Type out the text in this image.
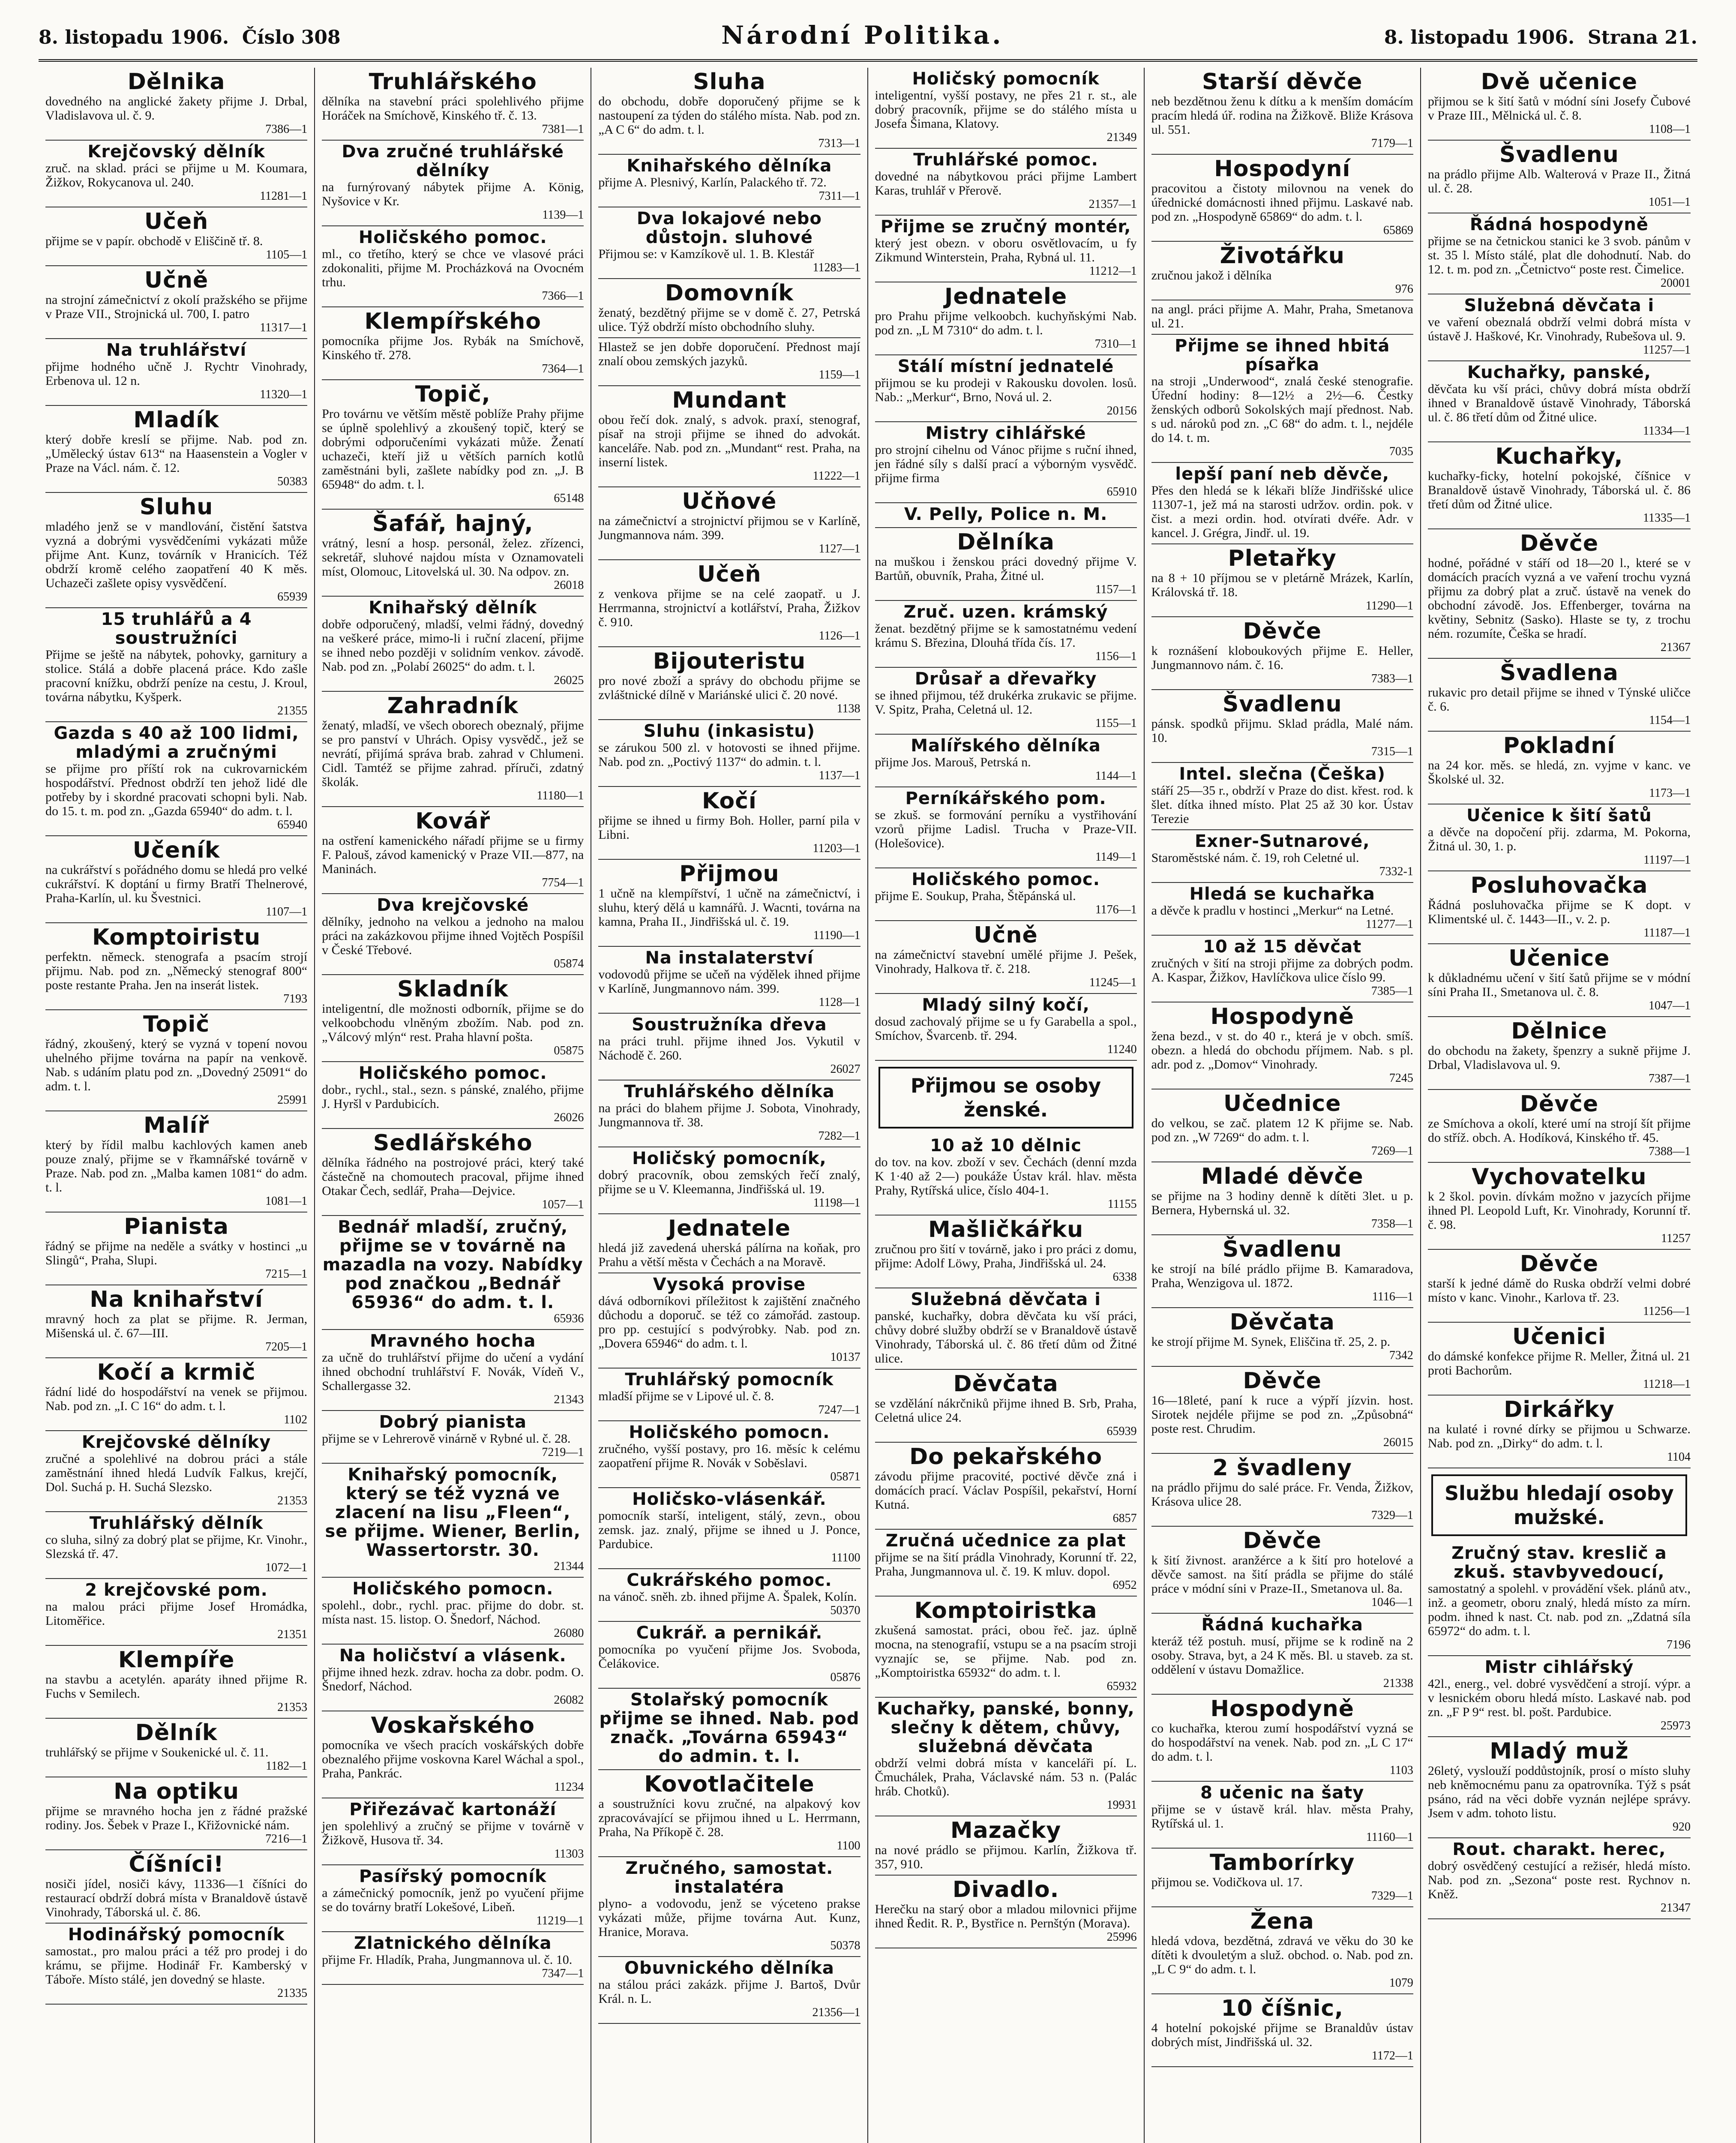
8. listopadu 1906. Číslo 308	Národní Politika.	8. listopadu 1906. Strana 21.
Dělnika
dovedného na anglické žakety přijme J. Drbal, Vladislavova ul. č. 9.
7386—1
Krejčovský dělník
zruč. na sklad. práci se přijme u M. Koumara, Žižkov, Rokycanova ul. 240.
11281—1
Učeň
přijme se v papír. obchodě v Eliščině tř. 8.
1105—1
Učně
na strojní zámečnictví z okolí pražského se přijme v Praze VII., Strojnická ul. 700, I. patro
11317—1
Na truhlářství
přijme hodného učně J. Rychtr Vinohrady, Erbenova ul. 12 n.
11320—1
Mladík
který dobře kreslí se přijme. Nab. pod zn. „Umělecký ústav 613“ na Haasenstein a Vogler v Praze na Václ. nám. č. 12.
50383
Sluhu
mladého jenž se v mandlování, čistění šatstva vyzná a dobrými vysvědčeními vykázati může přijme Ant. Kunz, továrník v Hranicích. Též obdrží kromě celého zaopatření 40 K měs. Uchazeči zašlete opisy vysvědčení.
65939
15 truhlářů a 4 soustružníci
Přijme se ještě na nábytek, pohovky, garnitury a stolice. Stálá a dobře placená práce. Kdo zašle pracovní knížku, obdrží peníze na cestu, J. Kroul, továrna nábytku, Kyšperk.
21355
Gazda s 40 až 100 lidmi, mladými a zručnými
se přijme pro příští rok na cukrovarnickém hospodářství. Přednost obdrží ten jehož lidé dle potřeby by i skordné pracovati schopni byli. Nab. do 15. t. m. pod zn. „Gazda 65940“ do adm. t. l.
65940
Učeník
na cukrářství s pořádného domu se hledá pro velké cukrářství. K doptání u firmy Bratří Thelnerové, Praha-Karlín, ul. ku Švestnici.
1107—1
Komptoiristu
perfektn. německ. stenografa a psacím strojí přijmu. Nab. pod zn. „Německý stenograf 800“ poste restante Praha. Jen na inserát listek.
7193
Topič
řádný, zkoušený, který se vyzná v topení novou uhelného přijme továrna na papír na venkově. Nab. s udáním platu pod zn. „Dovedný 25091“ do adm. t. l.
25991
Malíř
který by řídil malbu kachlových kamen aneb pouze znalý, přijme se v řkamnářské továrně v Praze. Nab. pod zn. „Malba kamen 1081“ do adm. t. l.
1081—1
Pianista
řádný se přijme na neděle a svátky v hostinci „u Slingů“, Praha, Slupi.
7215—1
Na knihařství
mravný hoch za plat se přijme. R. Jerman, Mišenská ul. č. 67—III.
7205—1
Kočí a krmič
řádní lidé do hospodářství na venek se přijmou. Nab. pod zn. „I. C 16“ do adm. t. l.
1102
Krejčovské dělníky
zručné a spolehlivé na dobrou práci a stále zaměstnání ihned hledá Ludvík Falkus, krejčí, Dol. Suchá p. H. Suchá Slezsko.
21353
Truhlářský dělník
co sluha, silný za dobrý plat se přijme, Kr. Vinohr., Slezská tř. 47.
1072—1
2 krejčovské pom.
na malou práci přijme Josef Hromádka, Litoměřice.
21351
Klempíře
na stavbu a acetylén. aparáty ihned přijme R. Fuchs v Semilech.
21353
Dělník
truhlářský se přijme v Soukenické ul. č. 11.
1182—1
Na optiku
přijme se mravného hocha jen z řádné pražské rodiny. Jos. Šebek v Praze I., Křižovnické nám.
7216—1
Číšníci!
nosiči jídel, nosiči kávy, 11336—1 číšníci do restaurací obdrží dobrá místa v Branaldově ústavě Vinohrady, Táborská ul. č. 86.
Hodinářský pomocník
samostat., pro malou práci a též pro prodej i do krámu, se přijme. Hodinář Fr. Kamberský v Táboře. Místo stálé, jen dovedný se hlaste.
21335
Truhlářského
dělníka na stavební práci spolehlivého přijme Horáček na Smíchově, Kinského tř. č. 13.
7381—1
Dva zručné truhlářské dělníky
na furnýrovaný nábytek přijme A. König, Nyšovice v Kr.
1139—1
Holičského pomoc.
ml., co třetího, který se chce ve vlasové práci zdokonaliti, přijme M. Procházková na Ovocném trhu.
7366—1
Klempířského
pomocníka přijme Jos. Rybák na Smíchově, Kinského tř. 278.
7364—1
Topič,
Pro továrnu ve větším městě poblíže Prahy přijme se úplně spolehlivý a zkoušený topič, který se dobrými odporučeními vykázati může. Ženatí uchazeči, kteří již u větších parních kotlů zaměstnáni byli, zašlete nabídky pod zn. „J. B 65948“ do adm. t. l.
65148
Šafář, hajný,
vrátný, lesní a hosp. personál, želez. zřízenci, sekretář, sluhové najdou místa v Oznamovateli míst, Olomouc, Litovelská ul. 30. Na odpov. zn.
26018
Knihařský dělník
dobře odporučený, mladší, velmi řádný, dovedný na veškeré práce, mimo-li i ruční zlacení, přijme se ihned nebo později v solidním venkov. závodě. Nab. pod zn. „Polabí 26025“ do adm. t. l.
26025
Zahradník
ženatý, mladší, ve všech oborech obeznalý, přijme se pro panství v Uhrách. Opisy vysvědč., jež se nevrátí, přijímá správa brab. zahrad v Chlumeni. Cidl. Tamtéž se přijme zahrad. příruči, zdatný školák.
11180—1
Kovář
na ostření kamenického nářadí přijme se u firmy F. Palouš, závod kamenický v Praze VII.—877, na Maninách.
7754—1
Dva krejčovské
dělníky, jednoho na velkou a jednoho na malou práci na zakázkovou přijme ihned Vojtěch Pospíšil v České Třebové.
05874
Skladník
inteligentní, dle možnosti odborník, přijme se do velkoobchodu vlněným zbožím. Nab. pod zn. „Válcový mlýn“ rest. Praha hlavní pošta.
05875
Holičského pomoc.
dobr., rychl., stal., sezn. s pánské, znalého, přijme J. Hyršl v Pardubicích.
26026
Sedlářského
dělníka řádného na postrojové práci, který také částečně na chomoutech pracoval, přijme ihned Otakar Čech, sedlář, Praha—Dejvice.
1057—1
Bednář mladší, zručný, přijme se v továrně na mazadla na vozy. Nabídky pod značkou „Bednář 65936“ do adm. t. l.
65936
Mravného hocha
za učně do truhlářství přijme do učení a vydání ihned obchodní truhlářství F. Novák, Vídeň V., Schallergasse 32.
21343
Dobrý pianista
přijme se v Lehrerově vinárně v Rybné ul. č. 28.
7219—1
Knihařský pomocník, který se též vyzná ve zlacení na lisu „Fleen“, se přijme. Wiener, Berlin, Wassertorstr. 30.
21344
Holičského pomocn.
spolehl., dobr., rychl. prac. přijme do dobr. st. místa nast. 15. listop. O. Šnedorf, Náchod.
26080
Na holičství a vlásenk.
přijme ihned hezk. zdrav. hocha za dobr. podm. O. Šnedorf, Náchod.
26082
Voskařského
pomocníka ve všech pracích voskářských dobře obeznalého přijme voskovna Karel Wáchal a spol., Praha, Pankrác.
11234
Přiřezávač kartonáží
jen spolehlivý a zručný se přijme v továrně v Žižkově, Husova tř. 34.
11303
Pasířský pomocník
a zámečnický pomocník, jenž po vyučení přijme se do továrny bratří Lokešové, Libeň.
11219—1
Zlatnického dělníka
přijme Fr. Hladík, Praha, Jungmannova ul. č. 10.
7347—1
Sluha
do obchodu, dobře doporučený přijme se k nastoupení za týden do stálého místa. Nab. pod zn. „A C 6“ do adm. t. l.
7313—1
Knihařského dělníka
přijme A. Plesnivý, Karlín, Palackého tř. 72.
7311—1
Dva lokajové nebo důstojn. sluhové
Přijmou se: v Kamzíkově ul. 1. B. Klestář
11283—1
Domovník
ženatý, bezdětný přijme se v domě č. 27, Petrská ulice. Týž obdrží místo obchodního sluhy.
Hlastež se jen dobře doporučení. Přednost mají znalí obou zemských jazyků.
1159—1
Mundant
obou řečí dok. znalý, s advok. praxí, stenograf, písař na stroji přijme se ihned do advokát. kanceláře. Nab. pod zn. „Mundant“ rest. Praha, na inserní listek.
11222—1
Učňové
na zámečnictví a strojnictví přijmou se v Karlíně, Jungmannova nám. 399.
1127—1
Učeň
z venkova přijme se na celé zaopatř. u J. Herrmanna, strojnictví a kotlářství, Praha, Žižkov č. 910.
1126—1
Bijouteristu
pro nové zboží a správy do obchodu přijme se zvláštnické dílně v Mariánské ulici č. 20 nové.
1138
Sluhu (inkasistu)
se zárukou 500 zl. v hotovosti se ihned přijme. Nab. pod zn. „Poctivý 1137“ do admin. t. l.
1137—1
Kočí
přijme se ihned u firmy Boh. Holler, parní pila v Libni.
11203—1
Přijmou
1 učně na klempířství, 1 učně na zámečnictví, i sluhu, který dělá u kamnářů. J. Wacnti, továrna na kamna, Praha II., Jindřišská ul. č. 19.
11190—1
Na instalaterství
vodovodů přijme se učeň na výdělek ihned přijme v Karlíně, Jungmannovo nám. 399.
1128—1
Soustružníka dřeva
na práci truhl. přijme ihned Jos. Vykutil v Náchodě č. 260.
26027
Truhlářského dělníka
na práci do blahem přijme J. Sobota, Vinohrady, Jungmannova tř. 38.
7282—1
Holičský pomocník,
dobrý pracovník, obou zemských řečí znalý, přijme se u V. Kleemanna, Jindřišská ul. 19.
11198—1
Jednatele
hledá již zavedená uherská pálírna na koňak, pro Prahu a větší města v Čechách a na Moravě.
Vysoká provise
dává odborníkovi příležitost k zajištění značného důchodu a doporuč. se též co zámořád. zastoup. pro pp. cestující s podvýrobky. Nab. pod zn. „Dovera 65946“ do adm. t. l.
10137
Truhlářský pomocník
mladší přijme se v Lipové ul. č. 8.
7247—1
Holičského pomocn.
zručného, vyšší postavy, pro 16. měsíc k celému zaopatření přijme R. Novák v Soběslavi.
05871
Holičsko-vlásenkář.
pomocník starší, inteligent, stálý, zevn., obou zemsk. jaz. znalý, přijme se ihned u J. Ponce, Pardubice.
11100
Cukrářského pomoc.
na vánoč. sněh. zb. ihned přijme A. Špalek, Kolín.
50370
Cukrář. a pernikář.
pomocníka po vyučení přijme Jos. Svoboda, Čelákovice.
05876
Stolařský pomocník přijme se ihned. Nab. pod značk. „Továrna 65943“ do admin. t. l.
Kovotlačitele
a soustružníci kovu zručné, na alpakový kov zpracovávající se přijmou ihned u L. Herrmann, Praha, Na Příkopě č. 28.
1100
Zručného, samostat. instalatéra
plyno- a vodovodu, jenž se výceteno prakse vykázati může, přijme továrna Aut. Kunz, Hranice, Morava.
50378
Obuvnického dělníka
na stálou práci zakázk. přijme J. Bartoš, Dvůr Král. n. L.
21356—1
Holičský pomocník
inteligentní, vyšší postavy, ne přes 21 r. st., ale dobrý pracovník, přijme se do stálého místa u Josefa Šimana, Klatovy.
21349
Truhlářské pomoc.
dovedné na nábytkovou práci přijme Lambert Karas, truhlář v Přerově.
21357—1
Přijme se zručný montér,
který jest obezn. v oboru osvětlovacím, u fy Zikmund Winterstein, Praha, Rybná ul. 11.
11212—1
Jednatele
pro Prahu přijme velkoobch. kuchyňskými Nab. pod zn. „L M 7310“ do adm. t. l.
7310—1
Stálí místní jednatelé
přijmou se ku prodeji v Rakousku dovolen. losů. Nab.: „Merkur“, Brno, Nová ul. 2.
20156
Mistry cihlářské
pro strojní cihelnu od Vánoc přijme s ruční ihned, jen řádné síly s další prací a výborným vysvědč. přijme firma
65910
V. Pelly, Police n. M.
Dělníka
na muškou i ženskou práci dovedný přijme V. Bartůň, obuvník, Praha, Žitné ul.
1157—1
Zruč. uzen. krámský
ženat. bezdětný přijme se k samostatnému vedení krámu S. Březina, Dlouhá třída čís. 17.
1156—1
Drůsař a dřevařky
se ihned přijmou, též drukérka zrukavic se přijme. V. Spitz, Praha, Celetná ul. 12.
1155—1
Malířského dělníka
přijme Jos. Marouš, Petrská n.
1144—1
Perníkářského pom.
se zkuš. se formování perníku a vystřihování vzorů přijme Ladisl. Trucha v Praze-VII. (Holešovice).
1149—1
Holičského pomoc.
přijme E. Soukup, Praha, Štěpánská ul.
1176—1
Učně
na zámečnictví stavební umělé přijme J. Pešek, Vinohrady, Halkova tř. č. 218.
11245—1
Mladý silný kočí,
dosud zachovalý přijme se u fy Garabella a spol., Smíchov, Švarcenb. tř. 294.
11240
Přijmou se osoby ženské.
10 až 10 dělnic
do tov. na kov. zboží v sev. Čechách (denní mzda K 1·40 až 2—) poukáže Ústav král. hlav. města Prahy, Rytířská ulice, číslo 404-1.
11155
Mašličkářku
zručnou pro šití v továrně, jako i pro práci z domu, přijme: Adolf Löwy, Praha, Jindřišská ul. 24.
6338
Služebná děvčata i
panské, kuchařky, dobra děvčata ku vší práci, chůvy dobré služby obdrží se v Branaldově ústavě Vinohrady, Táborská ul. č. 86 třetí dům od Žitné ulice.
Děvčata
se vzdělání nákrčniků přijme ihned B. Srb, Praha, Celetná ulice 24.
65939
Do pekařského
závodu přijme pracovité, poctivé děvče zná i domácích prací. Václav Pospíšil, pekařství, Horní Kutná.
6857
Zručná učednice za plat
přijme se na šití prádla Vinohrady, Korunní tř. 22, Praha, Jungmannova ul. č. 19. K mluv. dopol.
6952
Komptoiristka
zkušená samostat. práci, obou řeč. jaz. úplně mocna, na stenografií, vstupu se a na psacím stroji vyznajíc se, se přijme. Nab. pod zn. „Komptoiristka 65932“ do adm. t. l.
65932
Kuchařky, panské, bonny, slečny k dětem, chůvy, služebná děvčata
obdrží velmi dobrá místa v kanceláři pí. L. Čmuchálek, Praha, Václavské nám. 53 n. (Palác hráb. Chotků).
19931
Mazačky
na nové prádlo se přijmou. Karlín, Žižkova tř. 357, 910.
Divadlo.
Herečku na starý obor a mladou milovnici přijme ihned Ředit. R. P., Bystřice n. Pernštýn (Morava).
25996
Starší děvče
neb bezdětnou ženu k dítku a k menším domácím pracím hledá úř. rodina na Žižkově. Bliže Krásova ul. 551.
7179—1
Hospodyní
pracovitou a čistoty milovnou na venek do úřednické domácnosti ihned přijmu. Laskavé nab. pod zn. „Hospodyně 65869“ do adm. t. l.
65869
Životářku
zručnou jakož i dělníka
976
na angl. práci přijme A. Mahr, Praha, Smetanova ul. 21.
Přijme se ihned hbitá písařka
na stroji „Underwood“, znalá české stenografie. Úřední hodiny: 8—12½ a 2½—6. Čestky ženských odborů Sokolských mají přednost. Nab. s ud. nároků pod zn. „C 68“ do adm. t. l., nejdéle do 14. t. m.
7035
lepší paní neb děvče,
Přes den hledá se k lékaři blíže Jindřišské ulice 11307-1, jež má na starosti udržov. ordin. pok. v čist. a mezi ordin. hod. otvírati dvéře. Adr. v kancel. J. Grégra, Jindř. ul. 19.
Pletařky
na 8 + 10 příjmou se v pletárně Mrázek, Karlín, Královská tř. 18.
11290—1
Děvče
k roznášení kloboukových přijme E. Heller, Jungmannovo nám. č. 16.
7383—1
Švadlenu
pánsk. spodků přijmu. Sklad prádla, Malé nám. 10.
7315—1
Intel. slečna (Češka)
stáří 25—35 r., obdrží v Praze do dist. křest. rod. k šlet. dítka ihned místo. Plat 25 až 30 kor. Ústav Terezie
Exner-Sutnarové,
Staroměstské nám. č. 19, roh Celetné ul.
7332-1
Hledá se kuchařka
a děvče k pradlu v hostinci „Merkur“ na Letné.
11277—1
10 až 15 děvčat
zručných v šití na stroji přijme za dobrých podm. A. Kaspar, Žižkov, Havlíčkova ulice číslo 99.
7385—1
Hospodyně
žena bezd., v st. do 40 r., která je v obch. smíš. obezn. a hledá do obchodu příjmem. Nab. s pl. adr. pod z. „Domov“ Vinohrady.
7245
Učednice
do velkou, se zač. platem 12 K přijme se. Nab. pod zn. „W 7269“ do adm. t. l.
7269—1
Mladé děvče
se přijme na 3 hodiny denně k dítěti 3let. u p. Bernera, Hybernská ul. 32.
7358—1
Švadlenu
ke strojí na bílé prádlo přijme B. Kamaradova, Praha, Wenzigova ul. 1872.
1116—1
Děvčata
ke strojí přijme M. Synek, Eliščina tř. 25, 2. p.
7342
Děvče
16—18leté, paní k ruce a výpří jízvin. host. Sirotek nejdéle přijme se pod zn. „Způsobná“ poste rest. Chrudim.
26015
2 švadleny
na prádlo přijmu do salé práce. Fr. Venda, Žižkov, Krásova ulice 28.
7329—1
Děvče
k šití živnost. aranžérce a k šití pro hotelové a děvče samost. na šití prádla se přijme do stálé práce v módní síni v Praze-II., Smetanova ul. 8a.
1046—1
Řádná kuchařka
kteráž též postuh. musí, přijme se k rodině na 2 osoby. Strava, byt, a 24 K měs. Bl. u staveb. za st. oddělení v ústavu Domažlice.
21338
Hospodyně
co kuchařka, kterou zumí hospodářství vyzná se do hospodářství na venek. Nab. pod zn. „L C 17“ do adm. t. l.
1103
8 učenic na šaty
přijme se v ústavě král. hlav. města Prahy, Rytířská ul. 1.
11160—1
Tamborírky
přijmou se. Vodičkova ul. 17.
7329—1
Žena
hledá vdova, bezdětná, zdravá ve věku do 30 ke dítěti k dvouletým a služ. obchod. o. Nab. pod zn. „L C 9“ do adm. t. l.
1079
10 číšnic,
4 hotelní pokojské přijme se Branaldův ústav dobrých míst, Jindřišská ul. 32.
1172—1
Dvě učenice
přijmou se k šití šatů v módní síni Josefy Čubové v Praze III., Mělnická ul. č. 8.
1108—1
Švadlenu
na prádlo přijme Alb. Walterová v Praze II., Žitná ul. č. 28.
1051—1
Řádná hospodyně
přijme se na četnickou stanici ke 3 svob. pánům v st. 35 l. Místo stálé, plat dle dohodnutí. Nab. do 12. t. m. pod zn. „Četnictvo“ poste rest. Čimelice.
20001
Služebná děvčata i
ve vaření obeznalá obdrží velmi dobrá místa v ústavě J. Haškové, Kr. Vinohrady, Rubešova ul. 9.
11257—1
Kuchařky, panské,
děvčata ku vší práci, chůvy dobrá místa obdrží ihned v Branaldově ústavě Vinohrady, Táborská ul. č. 86 třetí dům od Žitné ulice.
11334—1
Kuchařky,
kuchařky-ficky, hotelní pokojské, číšnice v Branaldově ústavě Vinohrady, Táborská ul. č. 86 třetí dům od Žitné ulice.
11335—1
Děvče
hodné, pořádné v stáří od 18—20 l., které se v domácích pracích vyzná a ve vaření trochu vyzná přijmu za dobrý plat a zruč. ústavě na venek do obchodní závodě. Jos. Effenberger, továrna na květiny, Sebnitz (Sasko). Hlaste se ty, z trochu ném. rozumíte, Češka se hradí.
21367
Švadlena
rukavic pro detail přijme se ihned v Týnské uličce č. 6.
1154—1
Pokladní
na 24 kor. měs. se hledá, zn. vyjme v kanc. ve Školské ul. 32.
1173—1
Učenice k šití šatů
a děvče na dopočení přij. zdarma, M. Pokorna, Žitná ul. 30, 1. p.
11197—1
Posluhovačka
Řádná posluhovačka přijme se K dopt. v Klimentské ul. č. 1443—II., v. 2. p.
11187—1
Učenice
k důkladnému učení v šití šatů přijme se v módní síni Praha II., Smetanova ul. č. 8.
1047—1
Dělnice
do obchodu na žakety, špenzry a sukně přijme J. Drbal, Vladislavova ul. 9.
7387—1
Děvče
ze Smíchova a okolí, které umí na strojí šít přijme do stříž. obch. A. Hodíková, Kinského tř. 45.
7388—1
Vychovatelku
k 2 škol. povin. dívkám možno v jazycích přijme ihned Pl. Leopold Luft, Kr. Vinohrady, Korunní tř. č. 98.
11257
Děvče
starší k jedné dámě do Ruska obdrží velmi dobré místo v kanc. Vinohr., Karlova tř. 23.
11256—1
Učenici
do dámské konfekce přijme R. Meller, Žitná ul. 21 proti Bachorům.
11218—1
Dirkářky
na kulaté i rovné dírky se přijmou u Schwarze. Nab. pod zn. „Dirky“ do adm. t. l.
1104
Službu hledají osoby mužské.
Zručný stav. kreslič a zkuš. stavbyvedoucí,
samostatný a spolehl. v provádění všek. plánů atv., inž. a geometr, oboru znalý, hledá místo za mírn. podm. ihned k nast. Ct. nab. pod zn. „Zdatná síla 65972“ do adm. t. l.
7196
Mistr cihlářský
42l., energ., vel. dobré vysvědčení a strojí. výpr. a v lesnickém oboru hledá místo. Laskavé nab. pod zn. „F P 9“ rest. bl. pošt. Pardubice.
25973
Mladý muž
26letý, vyslouží poddůstojník, prosí o místo sluhy neb kněmocnému panu za opatrovníka. Týž s psát psáno, rád na věci dobře vyznán nejlépe správy. Jsem v adm. tohoto listu.
920
Rout. charakt. herec,
dobrý osvědčený cestující a režisér, hledá místo. Nab. pod zn. „Sezona“ poste rest. Rychnov n. Kněž.
21347
